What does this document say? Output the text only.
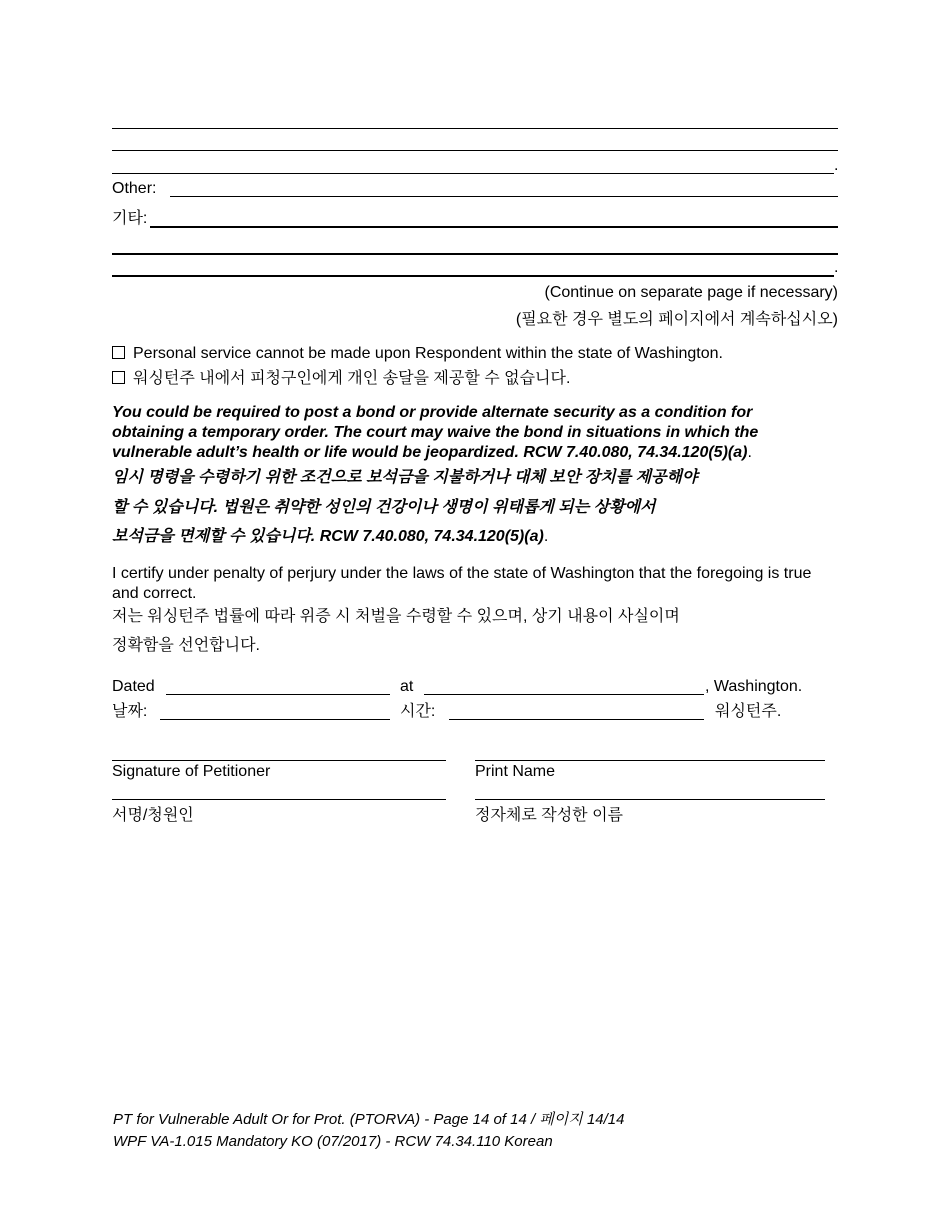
.
Other:
기타:
.
(Continue on separate page if necessary)
(필요한 경우 별도의 페이지에서 계속하십시오)
Personal service cannot be made upon Respondent within the state of Washington.
워싱턴주 내에서 피청구인에게 개인 송달을 제공할 수 없습니다.
You could be required to post a bond or provide alternate security as a condition for
obtaining a temporary order. The court may waive the bond in situations in which the
vulnerable adult’s health or life would be jeopardized. RCW 7.40.080, 74.34.120(5)(a).
임시 명령을 수령하기 위한 조건으로 보석금을 지불하거나 대체 보안 장치를 제공해야
할 수 있습니다. 법원은 취약한 성인의 건강이나 생명이 위태롭게 되는 상황에서
보석금을 면제할 수 있습니다. RCW 7.40.080, 74.34.120(5)(a).
I certify under penalty of perjury under the laws of the state of Washington that the foregoing is true and correct.
저는 워싱턴주 법률에 따라 위증 시 처벌을 수령할 수 있으며, 상기 내용이 사실이며
정확함을 선언합니다.
Dated	at	, Washington.
날짜:	시간:	워싱턴주.
Signature of Petitioner	Print Name
서명/청원인	정자체로 작성한 이름
PT for Vulnerable Adult Or for Prot. (PTORVA) - Page 14 of 14 / 페이지 14/14
WPF VA-1.015 Mandatory KO (07/2017) - RCW 74.34.110 Korean
